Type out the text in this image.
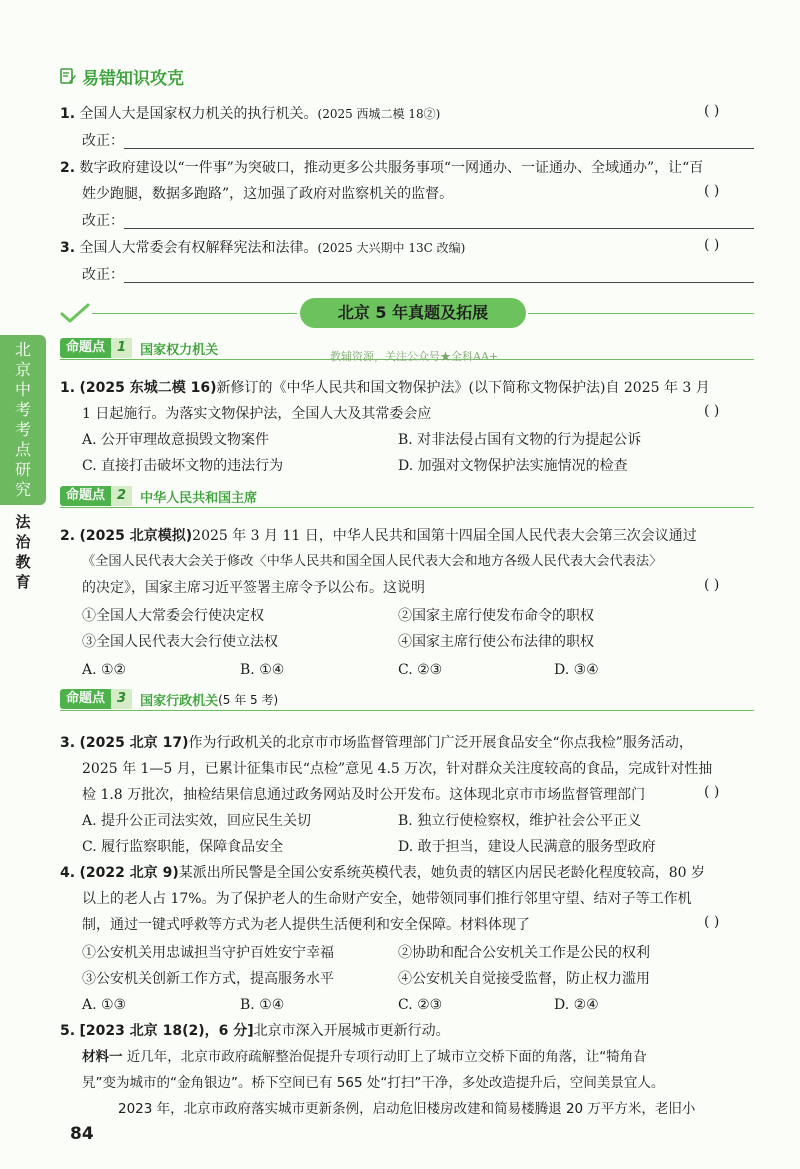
易错知识攻克
1. 全国人大是国家权力机关的执行机关。(2025 西城二模 18②)	( )
改正：
2. 数字政府建设以“一件事”为突破口，推动更多公共服务事项“一网通办、一证通办、全域通办”，让“百
姓少跑腿，数据多跑路”，这加强了政府对监察机关的监督。	( )
改正：
3. 全国人大常委会有权解释宪法和法律。(2025 大兴期中 13C 改编)	( )
改正：
北京 5 年真题及拓展
北京中考考点研究
法治教育
命题点 1	国家权力机关	教辅资源，关注公众号★全科AA+
1. (2025 东城二模 16)新修订的《中华人民共和国文物保护法》(以下简称文物保护法)自 2025 年 3 月
1 日起施行。为落实文物保护法，全国人大及其常委会应	( )
A. 公开审理故意损毁文物案件	B. 对非法侵占国有文物的行为提起公诉
C. 直接打击破坏文物的违法行为	D. 加强对文物保护法实施情况的检查
命题点 2	中华人民共和国主席
2. (2025 北京模拟)2025 年 3 月 11 日，中华人民共和国第十四届全国人民代表大会第三次会议通过
《全国人民代表大会关于修改〈中华人民共和国全国人民代表大会和地方各级人民代表大会代表法〉
的决定》，国家主席习近平签署主席令予以公布。这说明	( )
①全国人大常委会行使决定权	②国家主席行使发布命令的职权
③全国人民代表大会行使立法权	④国家主席行使公布法律的职权
A. ①②	B. ①④	C. ②③	D. ③④
命题点 3	国家行政机关 (5 年 5 考)
3. (2025 北京 17)作为行政机关的北京市市场监督管理部门广泛开展食品安全“你点我检”服务活动，
2025 年 1—5 月，已累计征集市民“点检”意见 4.5 万次，针对群众关注度较高的食品，完成针对性抽
检 1.8 万批次，抽检结果信息通过政务网站及时公开发布。这体现北京市市场监督管理部门	( )
A. 提升公正司法实效，回应民生关切	B. 独立行使检察权，维护社会公平正义
C. 履行监察职能，保障食品安全	D. 敢于担当，建设人民满意的服务型政府
4. (2022 北京 9)某派出所民警是全国公安系统英模代表，她负责的辖区内居民老龄化程度较高，80 岁
以上的老人占 17%。为了保护老人的生命财产安全，她带领同事们推行邻里守望、结对子等工作机
制，通过一键式呼救等方式为老人提供生活便利和安全保障。材料体现了	( )
①公安机关用忠诚担当守护百姓安宁幸福	②协助和配合公安机关工作是公民的权利
③公安机关创新工作方式，提高服务水平	④公安机关自觉接受监督，防止权力滥用
A. ①③	B. ①④	C. ②③	D. ②④
5. [2023 北京 18(2)，6 分]北京市深入开展城市更新行动。
材料一 近几年，北京市政府疏解整治促提升专项行动盯上了城市立交桥下面的角落，让“犄角旮
旯”变为城市的“金角银边”。桥下空间已有 565 处“打扫”干净，多处改造提升后，空间美景宜人。
2023 年，北京市政府落实城市更新条例，启动危旧楼房改建和简易楼腾退 20 万平方米，老旧小
84
